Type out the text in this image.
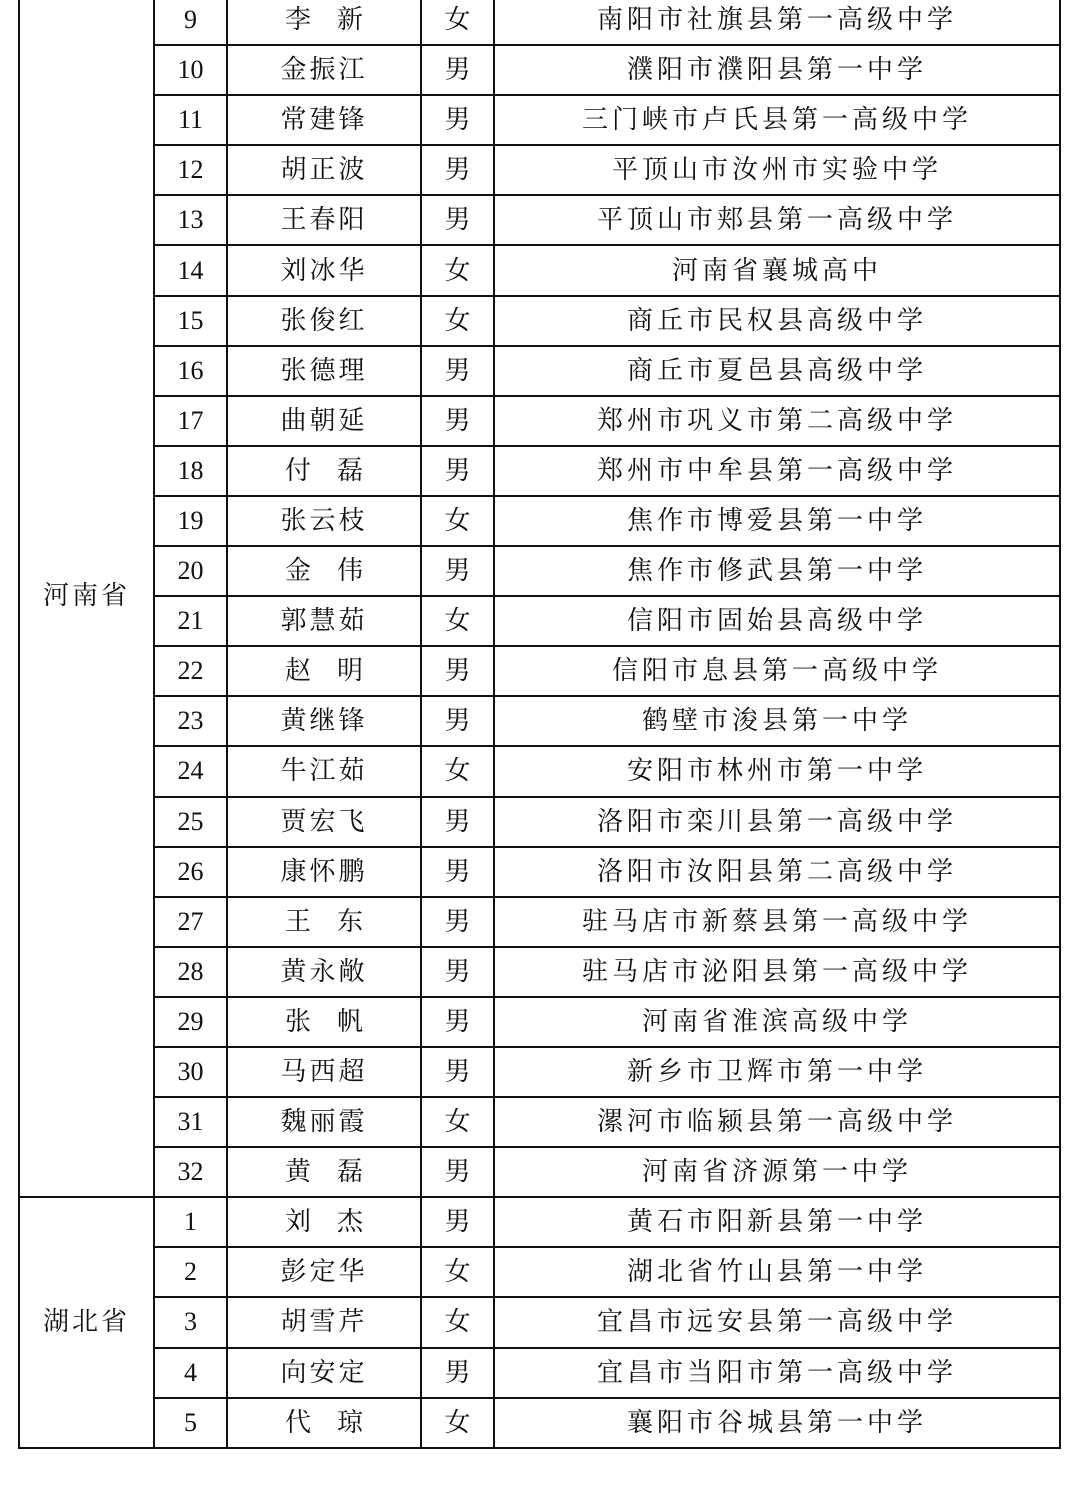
河南省	9	李 新	女	南阳市社旗县第一高级中学
	10	金振江	男	濮阳市濮阳县第一中学
	11	常建锋	男	三门峡市卢氏县第一高级中学
	12	胡正波	男	平顶山市汝州市实验中学
	13	王春阳	男	平顶山市郏县第一高级中学
	14	刘冰华	女	河南省襄城高中
	15	张俊红	女	商丘市民权县高级中学
	16	张德理	男	商丘市夏邑县高级中学
	17	曲朝延	男	郑州市巩义市第二高级中学
	18	付 磊	男	郑州市中牟县第一高级中学
	19	张云枝	女	焦作市博爱县第一中学
	20	金 伟	男	焦作市修武县第一中学
	21	郭慧茹	女	信阳市固始县高级中学
	22	赵 明	男	信阳市息县第一高级中学
	23	黄继锋	男	鹤壁市浚县第一中学
	24	牛江茹	女	安阳市林州市第一中学
	25	贾宏飞	男	洛阳市栾川县第一高级中学
	26	康怀鹏	男	洛阳市汝阳县第二高级中学
	27	王 东	男	驻马店市新蔡县第一高级中学
	28	黄永敞	男	驻马店市泌阳县第一高级中学
	29	张 帆	男	河南省淮滨高级中学
	30	马西超	男	新乡市卫辉市第一中学
	31	魏丽霞	女	漯河市临颍县第一高级中学
	32	黄 磊	男	河南省济源第一中学
湖北省	1	刘 杰	男	黄石市阳新县第一中学
	2	彭定华	女	湖北省竹山县第一中学
	3	胡雪芹	女	宜昌市远安县第一高级中学
	4	向安定	男	宜昌市当阳市第一高级中学
	5	代 琼	女	襄阳市谷城县第一中学
